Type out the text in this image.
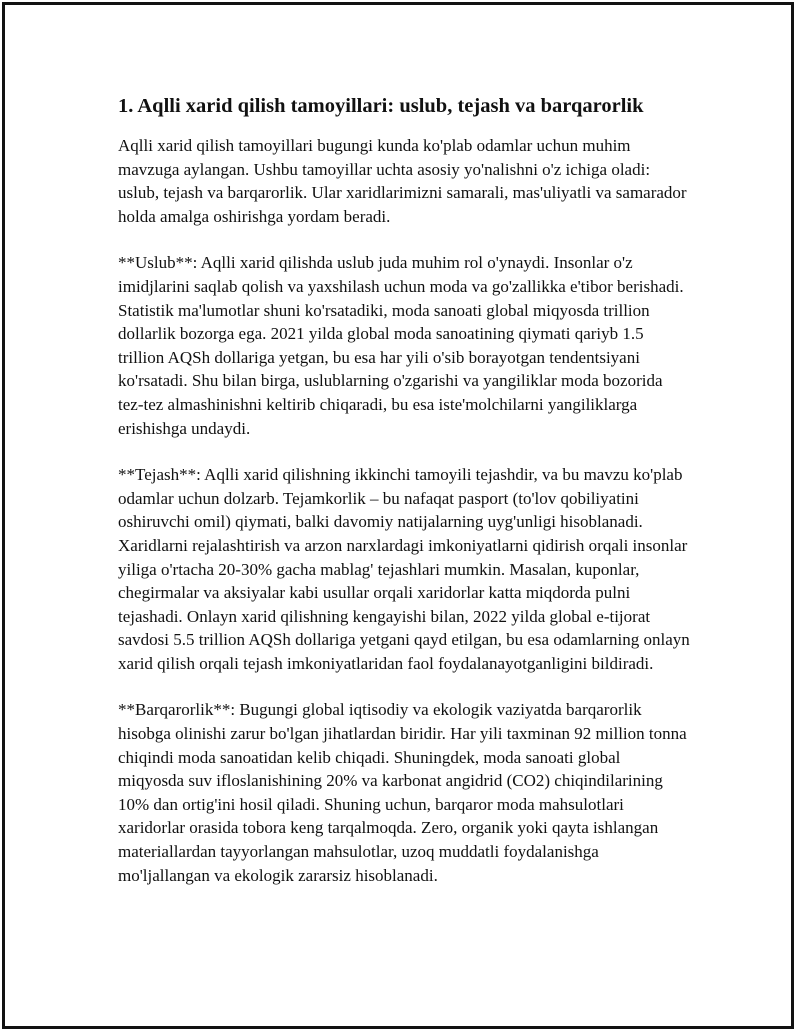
1. Aqlli xarid qilish tamoyillari: uslub, tejash va barqarorlik

Aqlli xarid qilish tamoyillari bugungi kunda ko'plab odamlar uchun muhim mavzuga aylangan. Ushbu tamoyillar uchta asosiy yo'nalishni o'z ichiga oladi: uslub, tejash va barqarorlik. Ular xaridlarimizni samarali, mas'uliyatli va samarador holda amalga oshirishga yordam beradi.

**Uslub**: Aqlli xarid qilishda uslub juda muhim rol o'ynaydi. Insonlar o'z imidjlarini saqlab qolish va yaxshilash uchun moda va go'zallikka e'tibor berishadi. Statistik ma'lumotlar shuni ko'rsatadiki, moda sanoati global miqyosda trillion dollarlik bozorga ega. 2021 yilda global moda sanoatining qiymati qariyb 1.5 trillion AQSh dollariga yetgan, bu esa har yili o'sib borayotgan tendentsiyani ko'rsatadi. Shu bilan birga, uslublarning o'zgarishi va yangiliklar moda bozorida tez-tez almashinishni keltirib chiqaradi, bu esa iste'molchilarni yangiliklarga erishishga undaydi.

**Tejash**: Aqlli xarid qilishning ikkinchi tamoyili tejashdir, va bu mavzu ko'plab odamlar uchun dolzarb. Tejamkorlik – bu nafaqat pasport (to'lov qobiliyatini oshiruvchi omil) qiymati, balki davomiy natijalarning uyg'unligi hisoblanadi. Xaridlarni rejalashtirish va arzon narxlardagi imkoniyatlarni qidirish orqali insonlar yiliga o'rtacha 20-30% gacha mablag' tejashlari mumkin. Masalan, kuponlar, chegirmalar va aksiyalar kabi usullar orqali xaridorlar katta miqdorda pulni tejashadi. Onlayn xarid qilishning kengayishi bilan, 2022 yilda global e-tijorat savdosi 5.5 trillion AQSh dollariga yetgani qayd etilgan, bu esa odamlarning onlayn xarid qilish orqali tejash imkoniyatlaridan faol foydalanayotganligini bildiradi.

**Barqarorlik**: Bugungi global iqtisodiy va ekologik vaziyatda barqarorlik hisobga olinishi zarur bo'lgan jihatlardan biridir. Har yili taxminan 92 million tonna chiqindi moda sanoatidan kelib chiqadi. Shuningdek, moda sanoati global miqyosda suv ifloslanishining 20% va karbonat angidrid (CO2) chiqindilarining 10% dan ortig'ini hosil qiladi. Shuning uchun, barqaror moda mahsulotlari xaridorlar orasida tobora keng tarqalmoqda. Zero, organik yoki qayta ishlangan materiallardan tayyorlangan mahsulotlar, uzoq muddatli foydalanishga mo'ljallangan va ekologik zararsiz hisoblanadi.
